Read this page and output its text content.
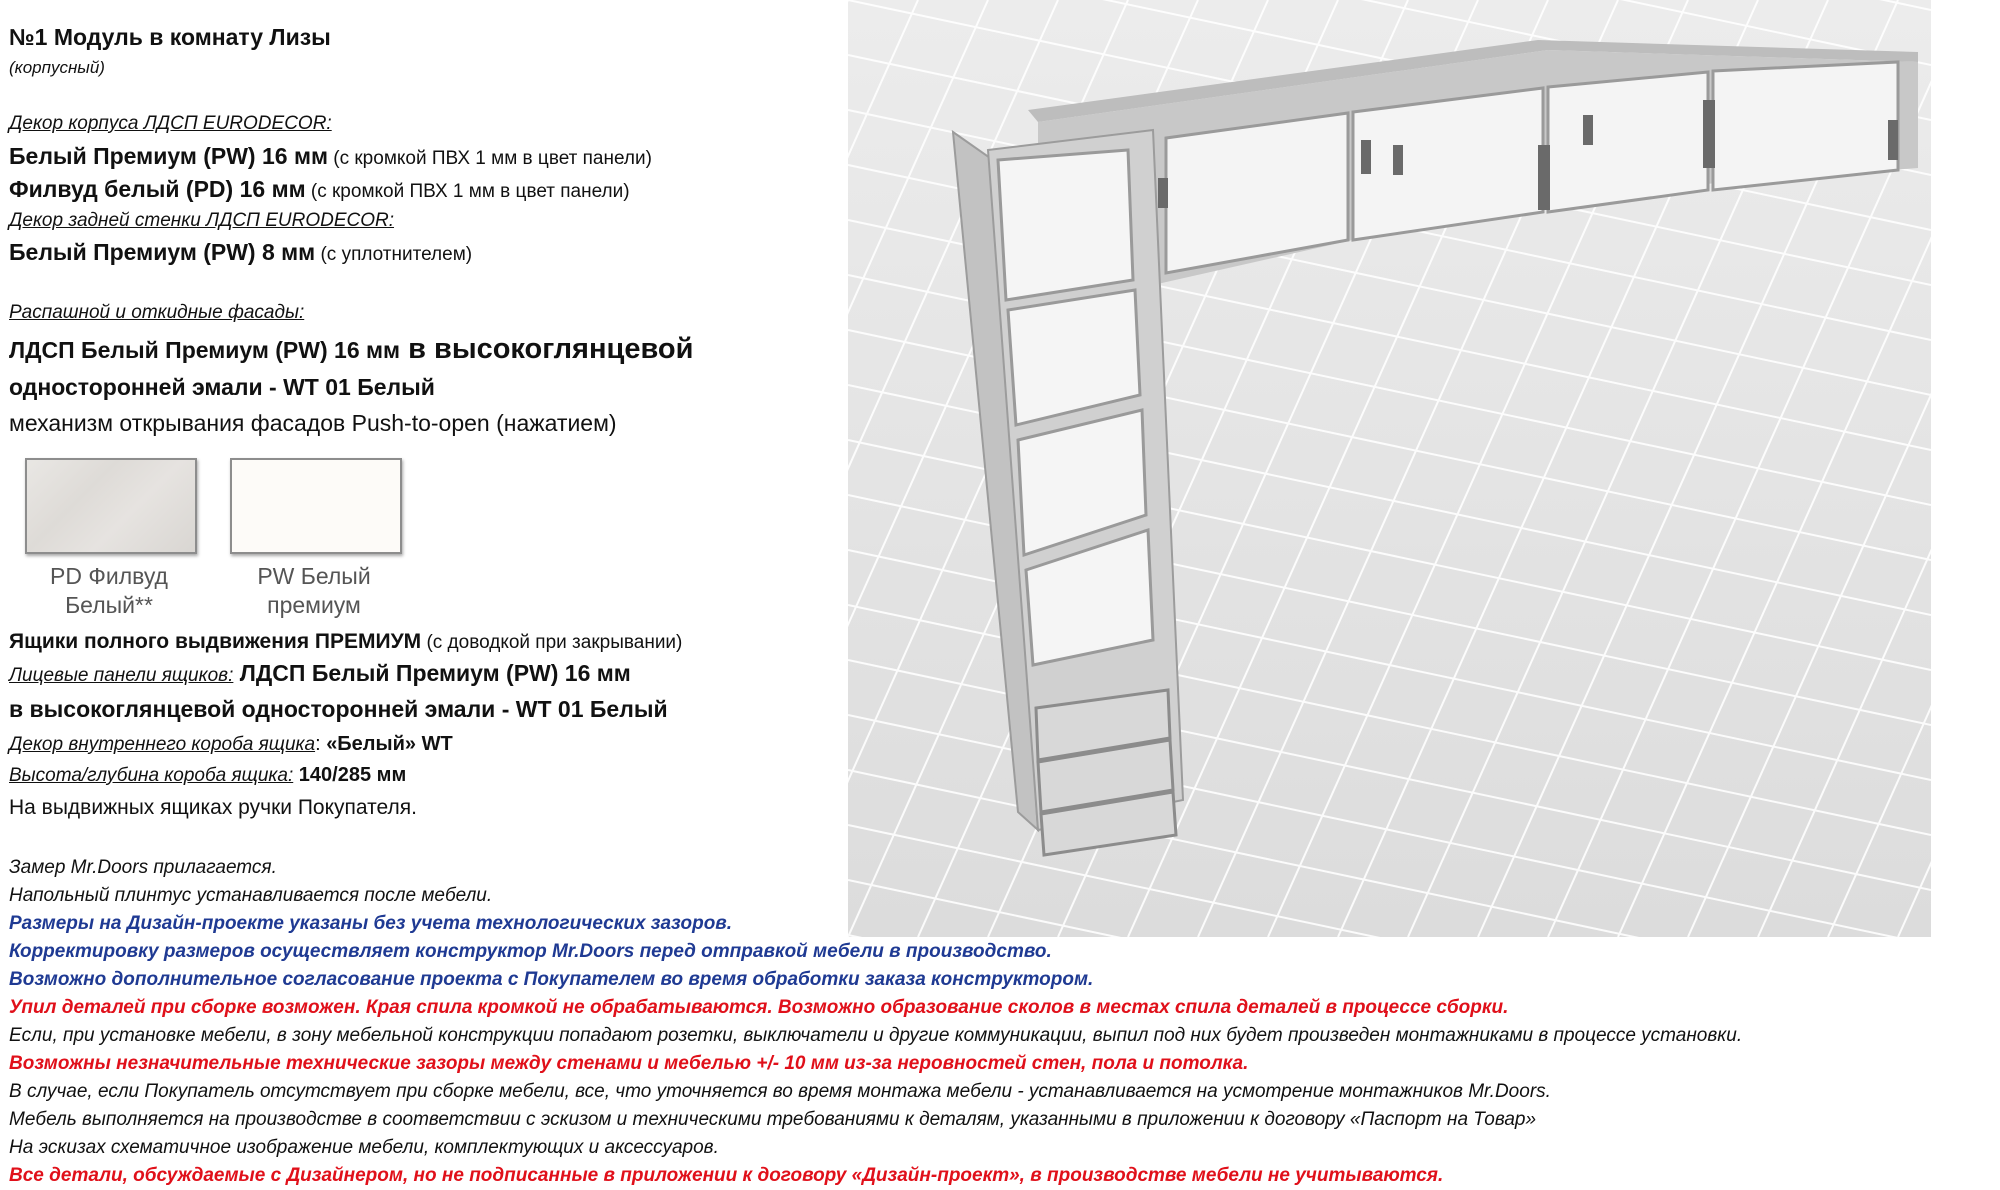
№1 Модуль в комнату Лизы
(корпусный)
Декор корпуса ЛДСП EURODECOR:
Белый Премиум (PW) 16 мм (с кромкой ПВХ 1 мм в цвет панели)
Филвуд белый (PD) 16 мм (с кромкой ПВХ 1 мм в цвет панели)
Декор задней стенки ЛДСП EURODECOR:
Белый Премиум (PW) 8 мм (с уплотнителем)
Распашной и откидные фасады:
ЛДСП Белый Премиум (PW) 16 мм в высокоглянцевой
односторонней эмали - WT 01 Белый
механизм открывания фасадов Push-to-open (нажатием)
PD Филвуд
Белый**
PW Белый
премиум
Ящики полного выдвижения ПРЕМИУМ (с доводкой при закрывании)
Лицевые панели ящиков: ЛДСП Белый Премиум (PW) 16 мм
в высокоглянцевой односторонней эмали - WT 01 Белый
Декор внутреннего короба ящика: «Белый» WT
Высота/глубина короба ящика: 140/285 мм
На выдвижных ящиках ручки Покупателя.
Замер Mr.Doors прилагается.
Напольный плинтус устанавливается после мебели.
Размеры на Дизайн-проекте указаны без учета технологических зазоров.
Корректировку размеров осуществляет конструктор Mr.Doors перед отправкой мебели в производство.
Возможно дополнительное согласование проекта с Покупателем во время обработки заказа конструктором.
Упил деталей при сборке возможен. Края спила кромкой не обрабатываются. Возможно образование сколов в местах спила деталей в процессе сборки.
Если, при установке мебели, в зону мебельной конструкции попадают розетки, выключатели и другие коммуникации, выпил под них будет произведен монтажниками в процессе установки.
Возможны незначительные технические зазоры между стенами и мебелью +/- 10 мм из-за неровностей стен, пола и потолка.
В случае, если Покупатель отсутствует при сборке мебели, все, что уточняется во время монтажа мебели - устанавливается на усмотрение монтажников Mr.Doors.
Мебель выполняется на производстве в соответствии с эскизом и техническими требованиями к деталям, указанными в приложении к договору «Паспорт на Товар»
На эскизах схематичное изображение мебели, комплектующих и аксессуаров.
Все детали, обсуждаемые с Дизайнером, но не подписанные в приложении к договору «Дизайн-проект», в производстве мебели не учитываются.
